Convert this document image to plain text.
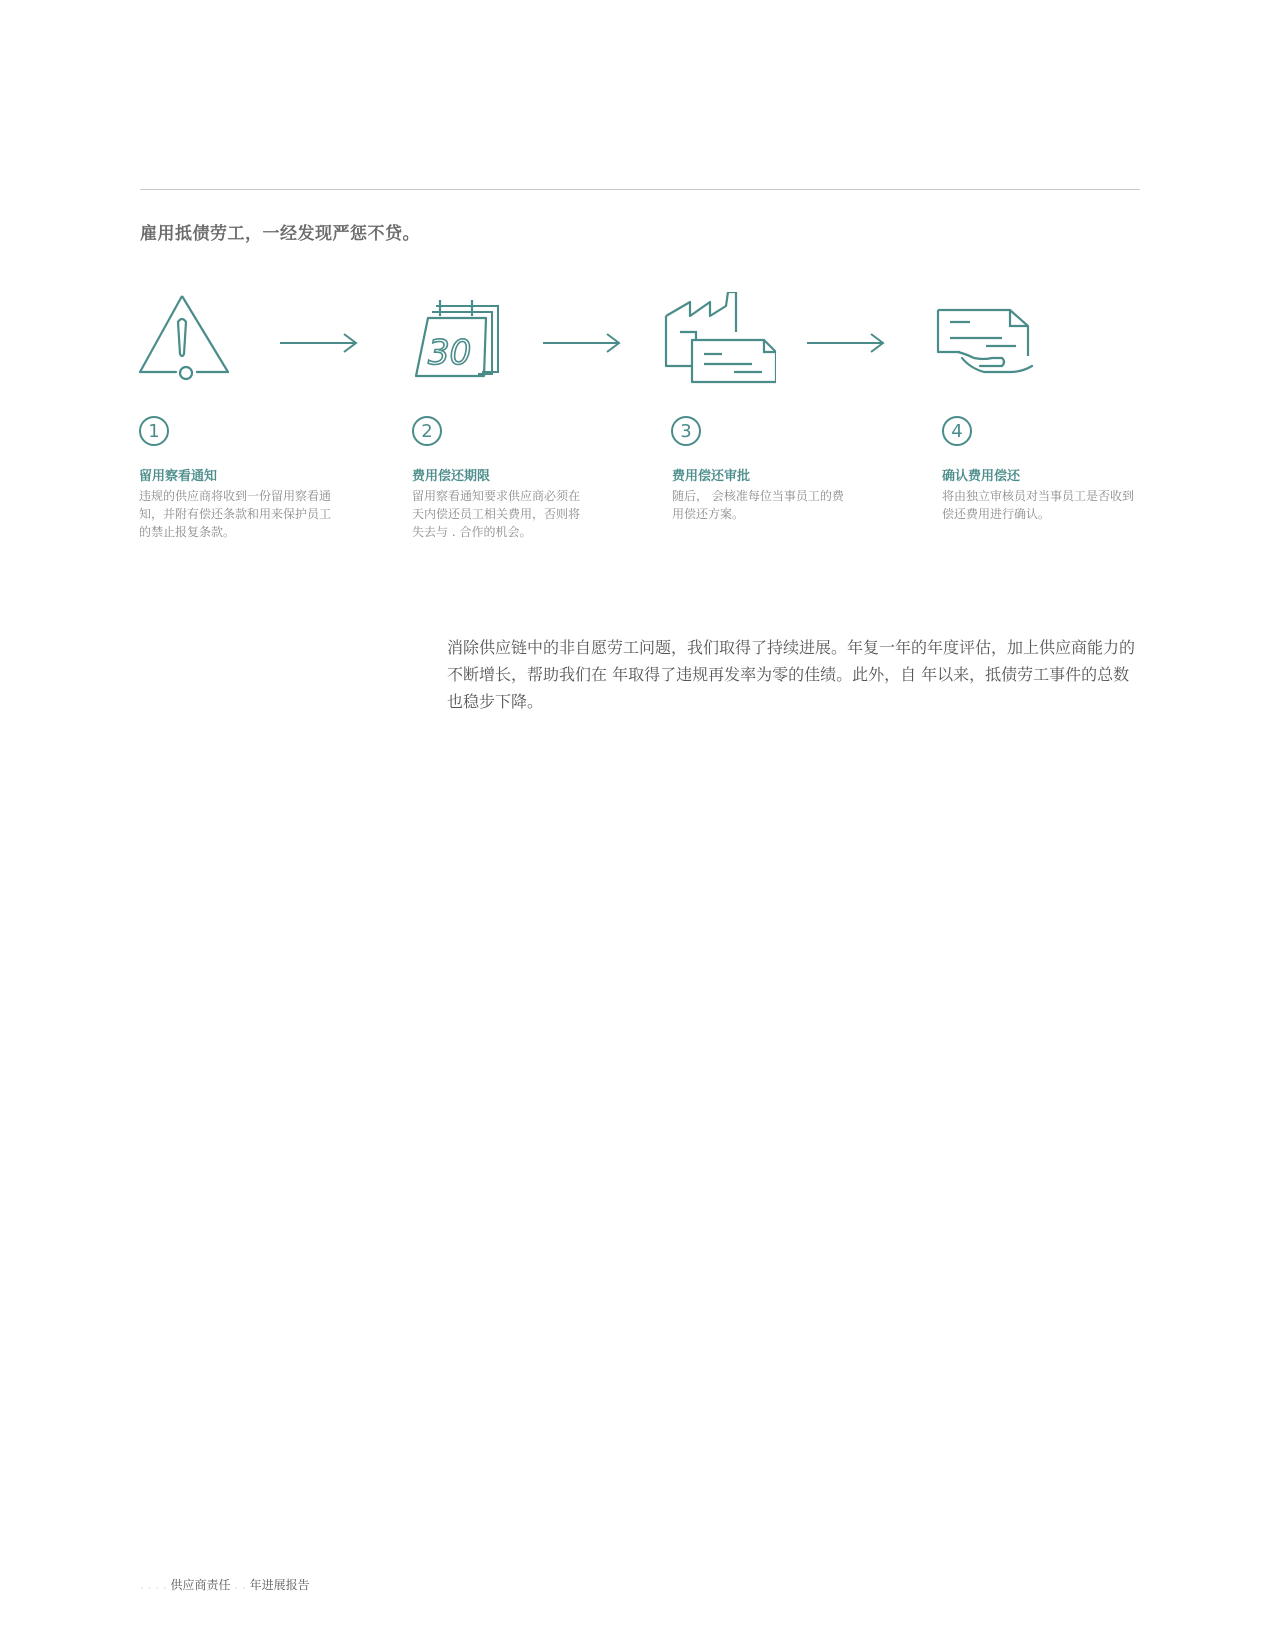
雇用抵债劳工，一经发现严惩不贷。
30
1	2	3	4
留用察看通知	费用偿还期限	费用偿还审批	确认费用偿还
违规的供应商将收到一份留用察看通知，并附有偿还条款和用来保护员工的禁止报复条款。
留用察看通知要求供应商必须在 天内偿还员工相关费用，否则将失去与 . 合作的机会。
随后， 会核准每位当事员工的费用偿还方案。
将由独立审核员对当事员工是否收到偿还费用进行确认。
消除供应链中的非自愿劳工问题，我们取得了持续进展。年复一年的年度评估，加上供应商能力的不断增长，帮助我们在 年取得了违规再发率为零的佳绩。此外，自 年以来，抵债劳工事件的总数也稳步下降。
. . . . 供应商责任 . . 年进展报告
